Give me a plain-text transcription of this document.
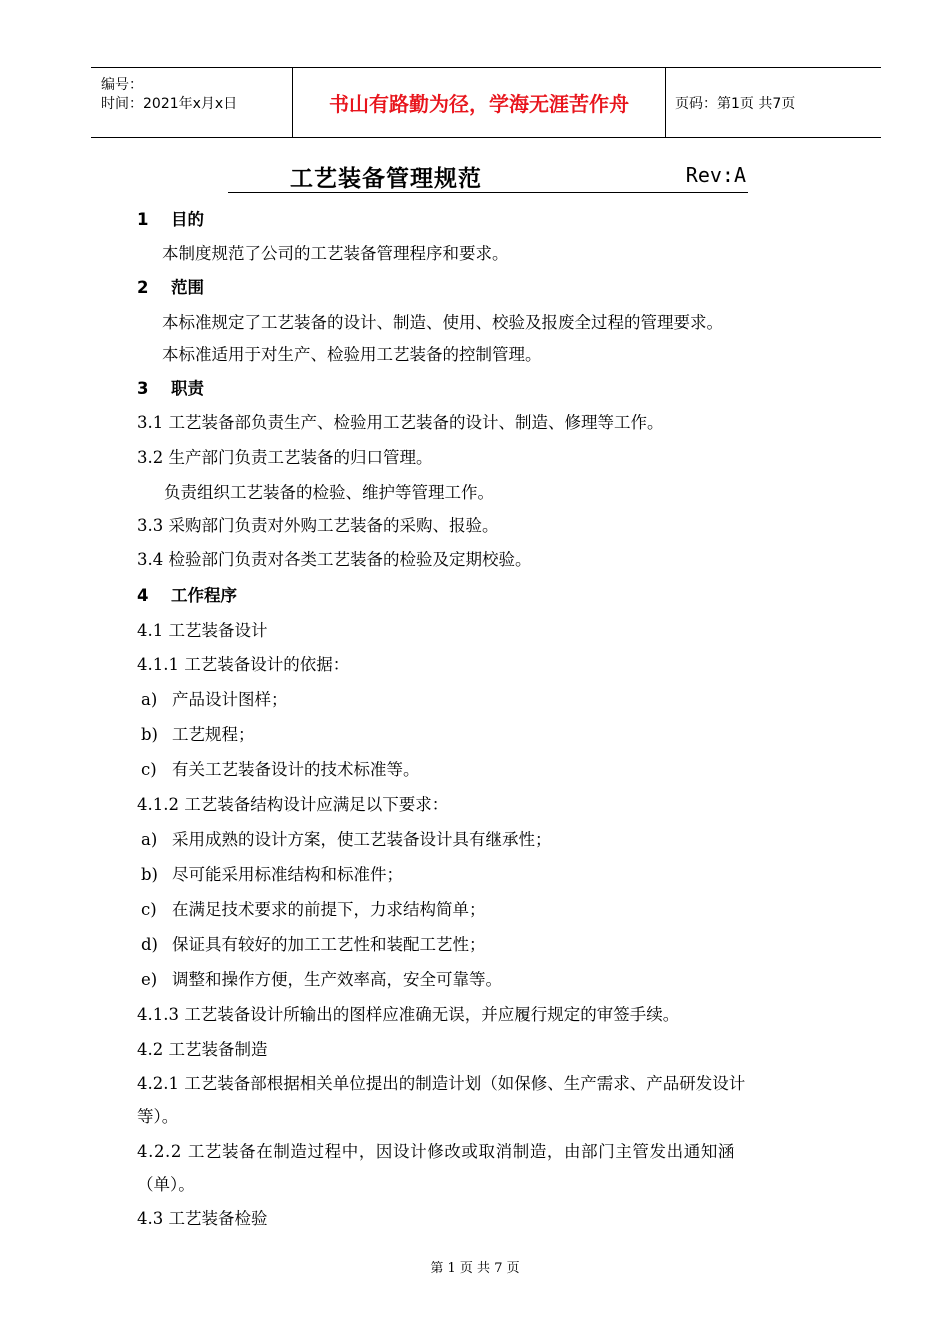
编号：
时间：2021年x月x日	书山有路勤为径，学海无涯苦作舟	页码：第1页 共7页
工艺装备管理规范	Rev:A
1 目的
本制度规范了公司的工艺装备管理程序和要求。
2 范围
本标准规定了工艺装备的设计、制造、使用、校验及报废全过程的管理要求。
本标准适用于对生产、检验用工艺装备的控制管理。
3 职责
3.1 工艺装备部负责生产、检验用工艺装备的设计、制造、修理等工作。
3.2 生产部门负责工艺装备的归口管理。
负责组织工艺装备的检验、维护等管理工作。
3.3 采购部门负责对外购工艺装备的采购、报验。
3.4 检验部门负责对各类工艺装备的检验及定期校验。
4 工作程序
4.1 工艺装备设计
4.1.1 工艺装备设计的依据：
a) 产品设计图样；
b) 工艺规程；
c) 有关工艺装备设计的技术标准等。
4.1.2 工艺装备结构设计应满足以下要求：
a) 采用成熟的设计方案，使工艺装备设计具有继承性；
b) 尽可能采用标准结构和标准件；
c) 在满足技术要求的前提下，力求结构简单；
d) 保证具有较好的加工工艺性和装配工艺性；
e) 调整和操作方便，生产效率高，安全可靠等。
4.1.3 工艺装备设计所输出的图样应准确无误，并应履行规定的审签手续。
4.2 工艺装备制造
4.2.1 工艺装备部根据相关单位提出的制造计划（如保修、生产需求、产品研发设计
等）。
4.2.2 工艺装备在制造过程中，因设计修改或取消制造，由部门主管发出通知涵
（单）。
4.3 工艺装备检验
第 1 页 共 7 页
